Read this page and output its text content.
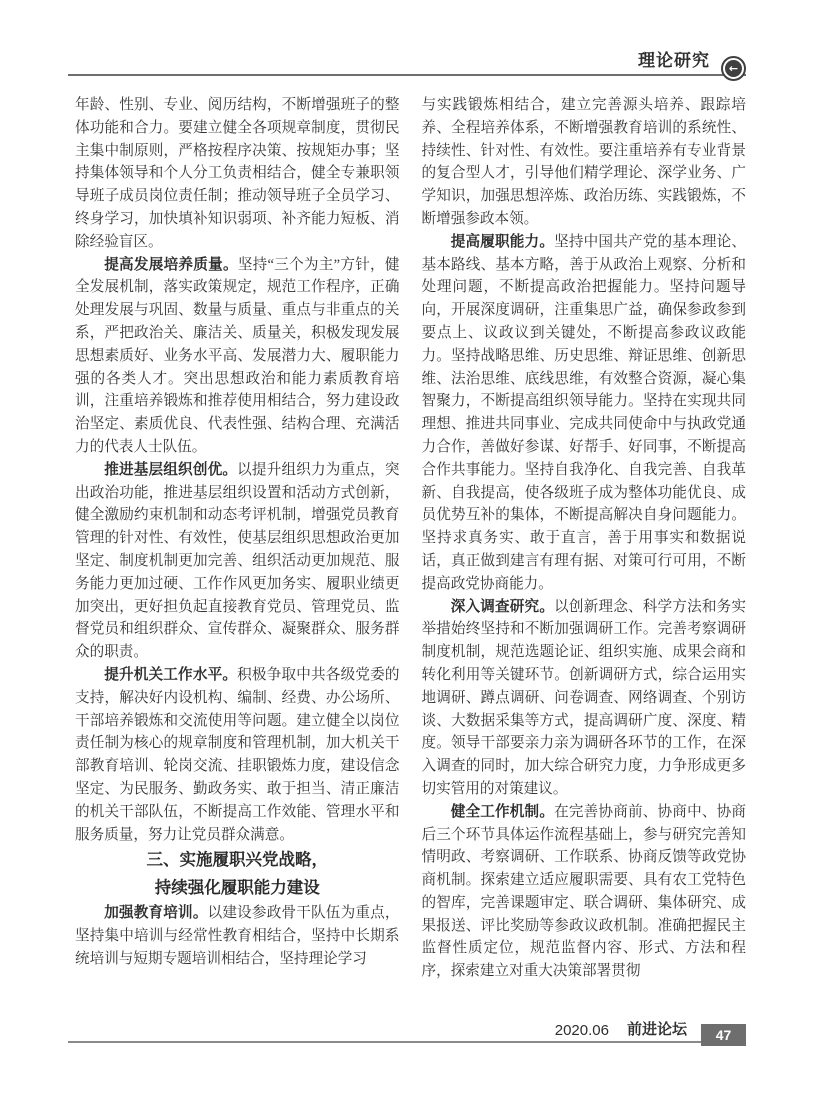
理论研究	←

年龄、性别、专业、阅历结构，不断增强班子的整体功能和合力。要建立健全各项规章制度，贯彻民主集中制原则，严格按程序决策、按规矩办事；坚持集体领导和个人分工负责相结合，健全专兼职领导班子成员岗位责任制；推动领导班子全员学习、终身学习，加快填补知识弱项、补齐能力短板、消除经验盲区。

提高发展培养质量。坚持“三个为主”方针，健全发展机制，落实政策规定，规范工作程序，正确处理发展与巩固、数量与质量、重点与非重点的关系，严把政治关、廉洁关、质量关，积极发现发展思想素质好、业务水平高、发展潜力大、履职能力强的各类人才。突出思想政治和能力素质教育培训，注重培养锻炼和推荐使用相结合，努力建设政治坚定、素质优良、代表性强、结构合理、充满活力的代表人士队伍。

推进基层组织创优。以提升组织力为重点，突出政治功能，推进基层组织设置和活动方式创新，健全激励约束机制和动态考评机制，增强党员教育管理的针对性、有效性，使基层组织思想政治更加坚定、制度机制更加完善、组织活动更加规范、服务能力更加过硬、工作作风更加务实、履职业绩更加突出，更好担负起直接教育党员、管理党员、监督党员和组织群众、宣传群众、凝聚群众、服务群众的职责。

提升机关工作水平。积极争取中共各级党委的支持，解决好内设机构、编制、经费、办公场所、干部培养锻炼和交流使用等问题。建立健全以岗位责任制为核心的规章制度和管理机制，加大机关干部教育培训、轮岗交流、挂职锻炼力度，建设信念坚定、为民服务、勤政务实、敢于担当、清正廉洁的机关干部队伍，不断提高工作效能、管理水平和服务质量，努力让党员群众满意。

三、实施履职兴党战略，
持续强化履职能力建设

加强教育培训。以建设参政骨干队伍为重点，坚持集中培训与经常性教育相结合，坚持中长期系统培训与短期专题培训相结合，坚持理论学习

与实践锻炼相结合，建立完善源头培养、跟踪培养、全程培养体系，不断增强教育培训的系统性、持续性、针对性、有效性。要注重培养有专业背景的复合型人才，引导他们精学理论、深学业务、广学知识，加强思想淬炼、政治历练、实践锻炼，不断增强参政本领。

提高履职能力。坚持中国共产党的基本理论、基本路线、基本方略，善于从政治上观察、分析和处理问题，不断提高政治把握能力。坚持问题导向，开展深度调研，注重集思广益，确保参政参到要点上、议政议到关键处，不断提高参政议政能力。坚持战略思维、历史思维、辩证思维、创新思维、法治思维、底线思维，有效整合资源，凝心集智聚力，不断提高组织领导能力。坚持在实现共同理想、推进共同事业、完成共同使命中与执政党通力合作，善做好参谋、好帮手、好同事，不断提高合作共事能力。坚持自我净化、自我完善、自我革新、自我提高，使各级班子成为整体功能优良、成员优势互补的集体，不断提高解决自身问题能力。坚持求真务实、敢于直言，善于用事实和数据说话，真正做到建言有理有据、对策可行可用，不断提高政党协商能力。

深入调查研究。以创新理念、科学方法和务实举措始终坚持和不断加强调研工作。完善考察调研制度机制，规范选题论证、组织实施、成果会商和转化利用等关键环节。创新调研方式，综合运用实地调研、蹲点调研、问卷调查、网络调查、个别访谈、大数据采集等方式，提高调研广度、深度、精度。领导干部要亲力亲为调研各环节的工作，在深入调查的同时，加大综合研究力度，力争形成更多切实管用的对策建议。

健全工作机制。在完善协商前、协商中、协商后三个环节具体运作流程基础上，参与研究完善知情明政、考察调研、工作联系、协商反馈等政党协商机制。探索建立适应履职需要、具有农工党特色的智库，完善课题审定、联合调研、集体研究、成果报送、评比奖励等参政议政机制。准确把握民主监督性质定位，规范监督内容、形式、方法和程序，探索建立对重大决策部署贯彻

2020.06 前进论坛	47
